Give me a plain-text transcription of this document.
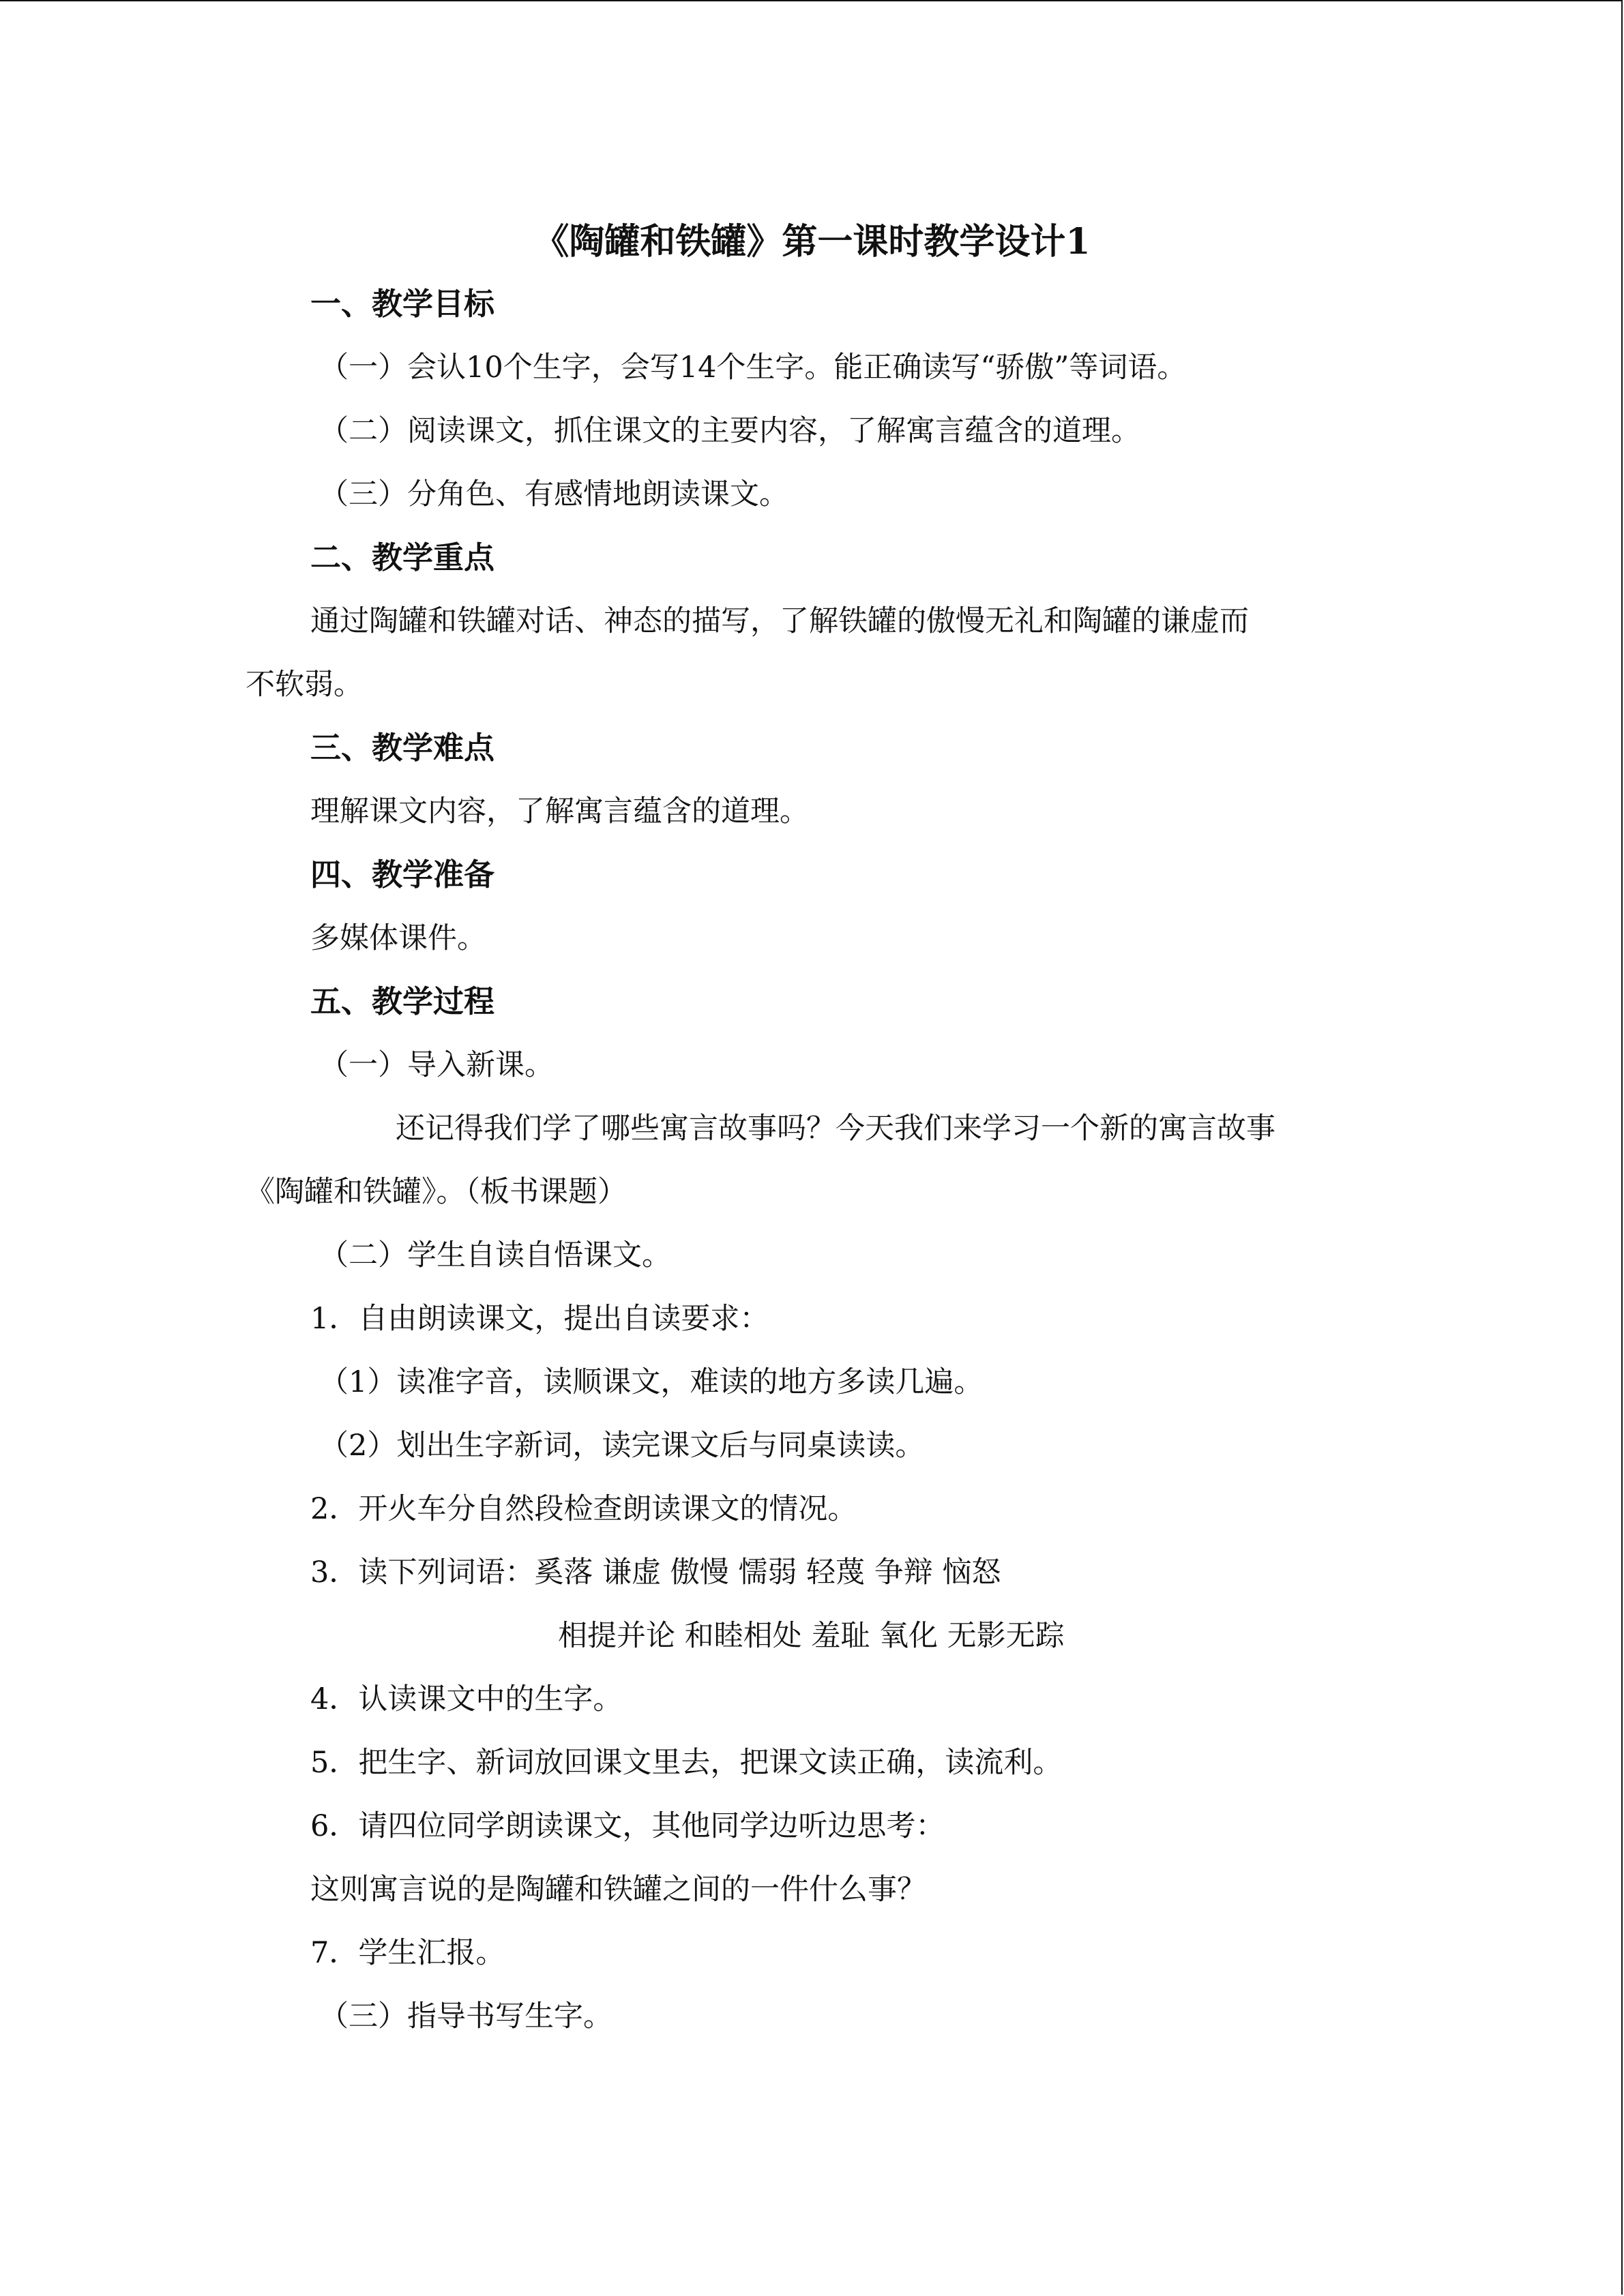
《陶罐和铁罐》第一课时教学设计1
一、教学目标
（一）会认10个生字，会写14个生字。能正确读写“骄傲”等词语。
（二）阅读课文，抓住课文的主要内容，了解寓言蕴含的道理。
（三）分角色、有感情地朗读课文。
二、教学重点
通过陶罐和铁罐对话、神态的描写，了解铁罐的傲慢无礼和陶罐的谦虚而
不软弱。
三、教学难点
理解课文内容，了解寓言蕴含的道理。
四、教学准备
多媒体课件。
五、教学过程
（一）导入新课。
还记得我们学了哪些寓言故事吗？今天我们来学习一个新的寓言故事
《陶罐和铁罐》。（板书课题）
（二）学生自读自悟课文。
1．自由朗读课文，提出自读要求：
（1）读准字音，读顺课文，难读的地方多读几遍。
（2）划出生字新词，读完课文后与同桌读读。
2．开火车分自然段检查朗读课文的情况。
3．读下列词语：奚落 谦虚 傲慢 懦弱 轻蔑 争辩 恼怒
相提并论 和睦相处 羞耻 氧化 无影无踪
4．认读课文中的生字。
5．把生字、新词放回课文里去，把课文读正确，读流利。
6．请四位同学朗读课文，其他同学边听边思考：
这则寓言说的是陶罐和铁罐之间的一件什么事？
7．学生汇报。
（三）指导书写生字。
